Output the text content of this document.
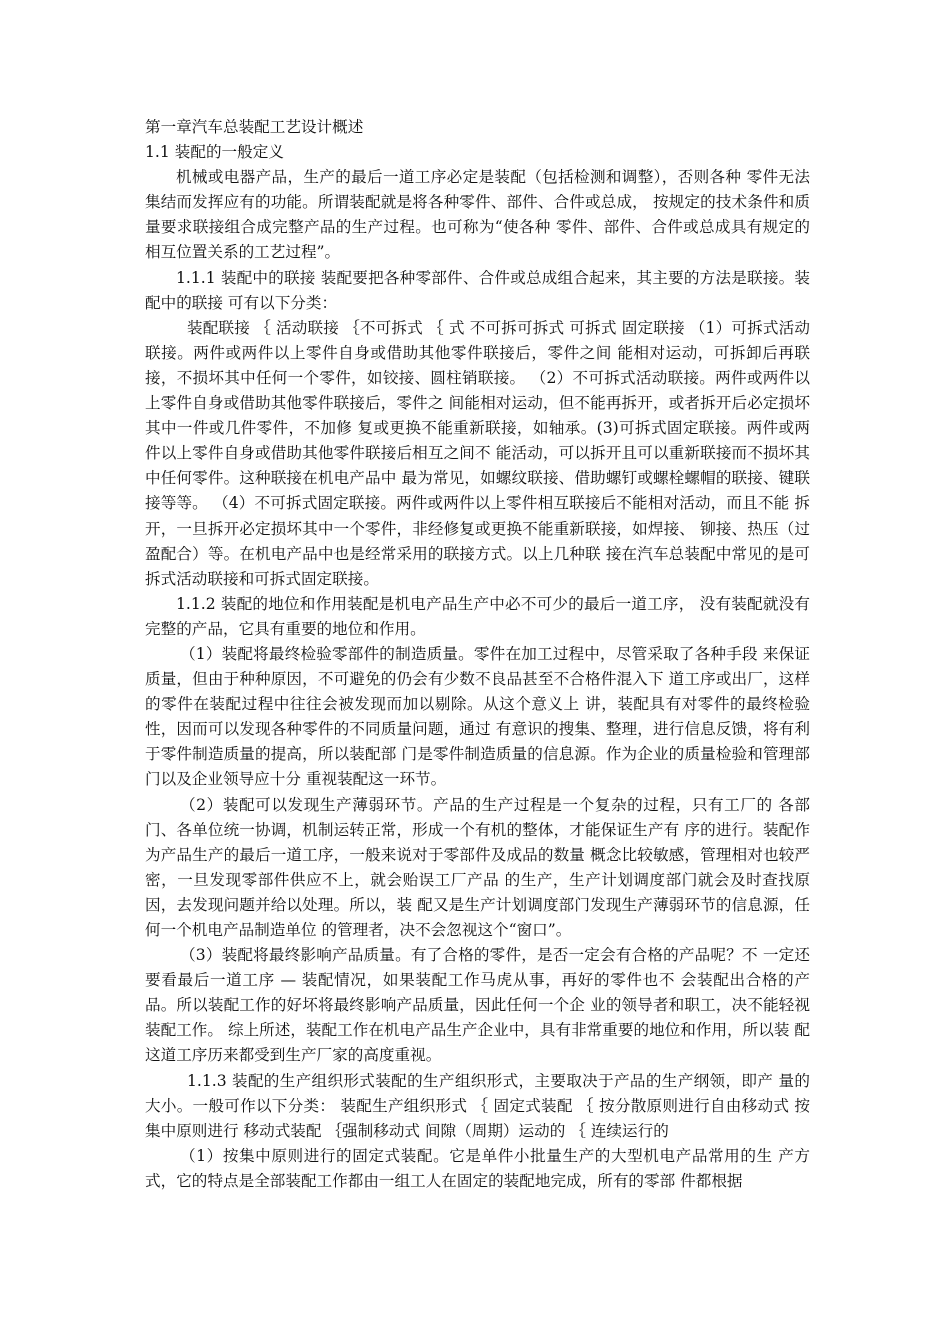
第一章汽车总装配工艺设计概述

1.1 装配的一般定义

机械或电器产品，生产的最后一道工序必定是装配（包括检测和调整），否则各种 零件无法集结而发挥应有的功能。所谓装配就是将各种零件、部件、合件或总成， 按规定的技术条件和质量要求联接组合成完整产品的生产过程。也可称为“使各种 零件、部件、合件或总成具有规定的相互位置关系的工艺过程”。

1.1.1 装配中的联接 装配要把各种零部件、合件或总成组合起来，其主要的方法是联接。装配中的联接 可有以下分类：

装配联接 ｛ 活动联接 ｛不可拆式 ｛ 式 不可拆可拆式 可拆式 固定联接 （1）可拆式活动联接。两件或两件以上零件自身或借助其他零件联接后，零件之间 能相对运动，可拆卸后再联接，不损坏其中任何一个零件，如铰接、圆柱销联接。 （2）不可拆式活动联接。两件或两件以上零件自身或借助其他零件联接后，零件之 间能相对运动，但不能再拆开，或者拆开后必定损坏其中一件或几件零件，不加修 复或更换不能重新联接，如轴承。(3)可拆式固定联接。两件或两件以上零件自身或借助其他零件联接后相互之间不 能活动，可以拆开且可以重新联接而不损坏其中任何零件。这种联接在机电产品中 最为常见，如螺纹联接、借助螺钉或螺栓螺帽的联接、键联接等等。 （4）不可拆式固定联接。两件或两件以上零件相互联接后不能相对活动，而且不能 拆开，一旦拆开必定损坏其中一个零件，非经修复或更换不能重新联接，如焊接、 铆接、热压（过盈配合）等。在机电产品中也是经常采用的联接方式。以上几种联 接在汽车总装配中常见的是可拆式活动联接和可拆式固定联接。

1.1.2 装配的地位和作用装配是机电产品生产中必不可少的最后一道工序， 没有装配就没有完整的产品，它具有重要的地位和作用。

（1）装配将最终检验零部件的制造质量。零件在加工过程中，尽管采取了各种手段 来保证质量，但由于种种原因，不可避免的仍会有少数不良品甚至不合格件混入下 道工序或出厂，这样的零件在装配过程中往往会被发现而加以剔除。从这个意义上 讲，装配具有对零件的最终检验性，因而可以发现各种零件的不同质量问题，通过 有意识的搜集、整理，进行信息反馈，将有利于零件制造质量的提高，所以装配部 门是零件制造质量的信息源。作为企业的质量检验和管理部门以及企业领导应十分 重视装配这一环节。

（2）装配可以发现生产薄弱环节。产品的生产过程是一个复杂的过程，只有工厂的 各部门、各单位统一协调，机制运转正常，形成一个有机的整体，才能保证生产有 序的进行。装配作为产品生产的最后一道工序，一般来说对于零部件及成品的数量 概念比较敏感，管理相对也较严密，一旦发现零部件供应不上，就会贻误工厂产品 的生产，生产计划调度部门就会及时查找原因，去发现问题并给以处理。所以，装 配又是生产计划调度部门发现生产薄弱环节的信息源，任何一个机电产品制造单位 的管理者，决不会忽视这个“窗口”。

（3）装配将最终影响产品质量。有了合格的零件，是否一定会有合格的产品呢？不 一定还要看最后一道工序 — 装配情况，如果装配工作马虎从事，再好的零件也不 会装配出合格的产品。所以装配工作的好坏将最终影响产品质量，因此任何一个企 业的领导者和职工，决不能轻视装配工作。 综上所述，装配工作在机电产品生产企业中，具有非常重要的地位和作用，所以装 配这道工序历来都受到生产厂家的高度重视。

1.1.3 装配的生产组织形式装配的生产组织形式，主要取决于产品的生产纲领，即产 量的大小。一般可作以下分类： 装配生产组织形式 ｛ 固定式装配 ｛ 按分散原则进行自由移动式 按集中原则进行 移动式装配 ｛强制移动式 间隙（周期）运动的 ｛ 连续运行的

（1）按集中原则进行的固定式装配。它是单件小批量生产的大型机电产品常用的生 产方式，它的特点是全部装配工作都由一组工人在固定的装配地完成，所有的零部 件都根据
